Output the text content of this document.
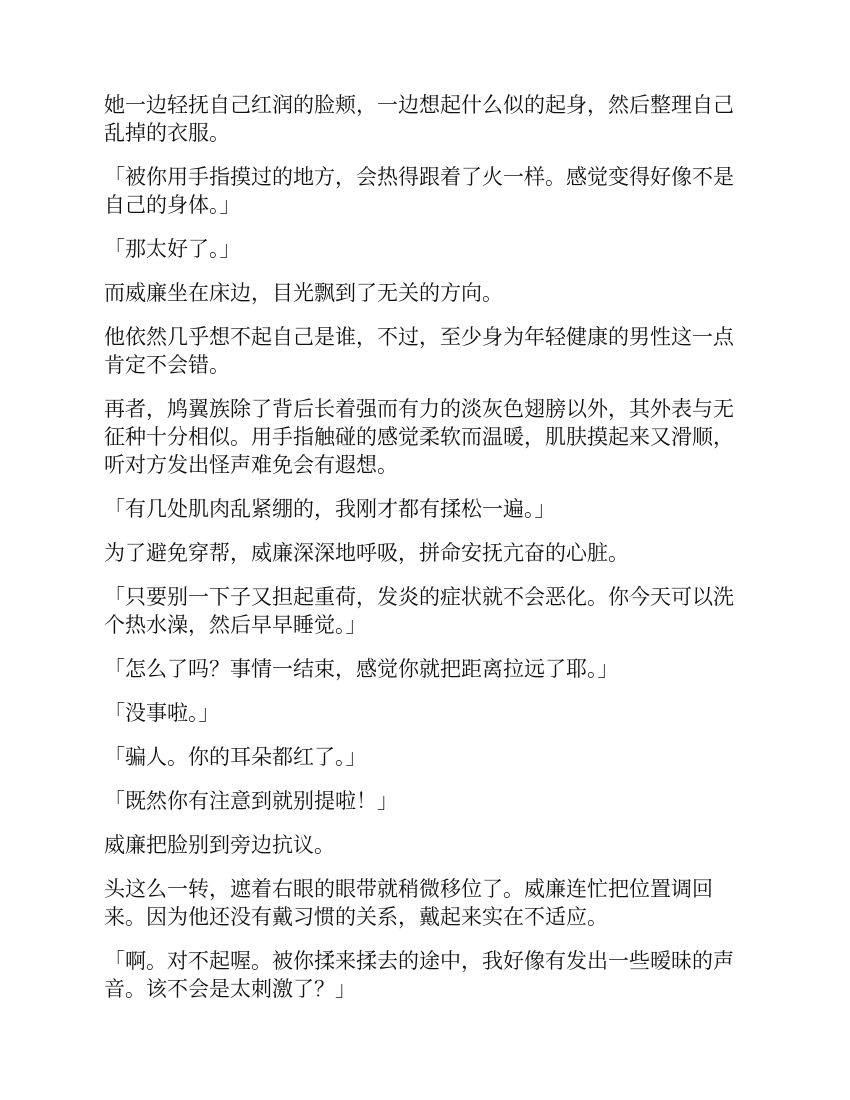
她一边轻抚自己红润的脸颊，一边想起什么似的起身，然后整理自己乱掉的衣服。

「被你用手指摸过的地方，会热得跟着了火一样。感觉变得好像不是自己的身体。」

「那太好了。」

而威廉坐在床边，目光飘到了无关的方向。

他依然几乎想不起自己是谁，不过，至少身为年轻健康的男性这一点肯定不会错。

再者，鸠翼族除了背后长着强而有力的淡灰色翅膀以外，其外表与无征种十分相似。用手指触碰的感觉柔软而温暖，肌肤摸起来又滑顺，听对方发出怪声难免会有遐想。

「有几处肌肉乱紧绷的，我刚才都有揉松一遍。」

为了避免穿帮，威廉深深地呼吸，拼命安抚亢奋的心脏。

「只要别一下子又担起重荷，发炎的症状就不会恶化。你今天可以洗个热水澡，然后早早睡觉。」

「怎么了吗？事情一结束，感觉你就把距离拉远了耶。」

「没事啦。」

「骗人。你的耳朵都红了。」

「既然你有注意到就别提啦！」

威廉把脸别到旁边抗议。

头这么一转，遮着右眼的眼带就稍微移位了。威廉连忙把位置调回来。因为他还没有戴习惯的关系，戴起来实在不适应。

「啊。对不起喔。被你揉来揉去的途中，我好像有发出一些暧昧的声音。该不会是太刺激了？」
